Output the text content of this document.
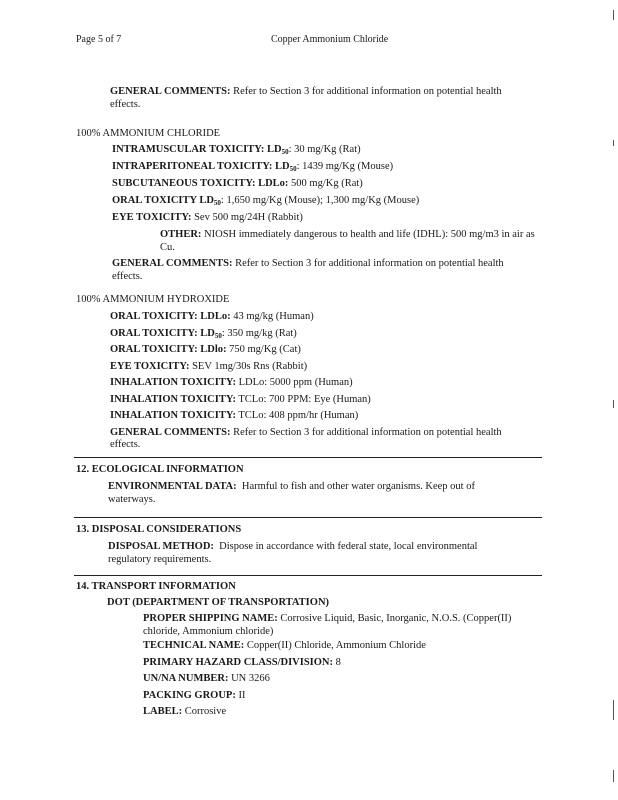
Page 5 of 7	Copper Ammonium Chloride
GENERAL COMMENTS: Refer to Section 3 for additional information on potential health
effects.
100% AMMONIUM CHLORIDE
INTRAMUSCULAR TOXICITY: $LD_{50}$: 30 mg/Kg (Rat)
INTRAPERITONEAL TOXICITY: $LD_{50}$: 1439 mg/Kg (Mouse)
SUBCUTANEOUS TOXICITY: LDLo: 500 mg/Kg (Rat)
ORAL TOXICITY $LD_{50}$: 1,650 mg/Kg (Mouse); 1,300 mg/Kg (Mouse)
EYE TOXICITY: Sev 500 mg/24H (Rabbit)
OTHER: NIOSH immediately dangerous to health and life (IDHL): 500 mg/m3 in air as
Cu.
GENERAL COMMENTS: Refer to Section 3 for additional information on potential health
effects.
100% AMMONIUM HYDROXIDE
ORAL TOXICITY: LDLo: 43 mg/kg (Human)
ORAL TOXICITY: $LD_{50}$: 350 mg/kg (Rat)
ORAL TOXICITY: LDlo: 750 mg/Kg (Cat)
EYE TOXICITY: SEV 1mg/30s Rns (Rabbit)
INHALATION TOXICITY: LDLo: 5000 ppm (Human)
INHALATION TOXICITY: TCLo: 700 PPM: Eye (Human)
INHALATION TOXICITY: TCLo: 408 ppm/hr (Human)
GENERAL COMMENTS: Refer to Section 3 for additional information on potential health
effects.
12. ECOLOGICAL INFORMATION
ENVIRONMENTAL DATA: Harmful to fish and other water organisms. Keep out of
waterways.
13. DISPOSAL CONSIDERATIONS
DISPOSAL METHOD: Dispose in accordance with federal state, local environmental
regulatory requirements.
14. TRANSPORT INFORMATION
DOT (DEPARTMENT OF TRANSPORTATION)
PROPER SHIPPING NAME: Corrosive Liquid, Basic, Inorganic, N.O.S. (Copper(II)
chloride, Ammonium chloride)
TECHNICAL NAME: Copper(II) Chloride, Ammonium Chloride
PRIMARY HAZARD CLASS/DIVISION: 8
UN/NA NUMBER: UN 3266
PACKING GROUP: II
LABEL: Corrosive
